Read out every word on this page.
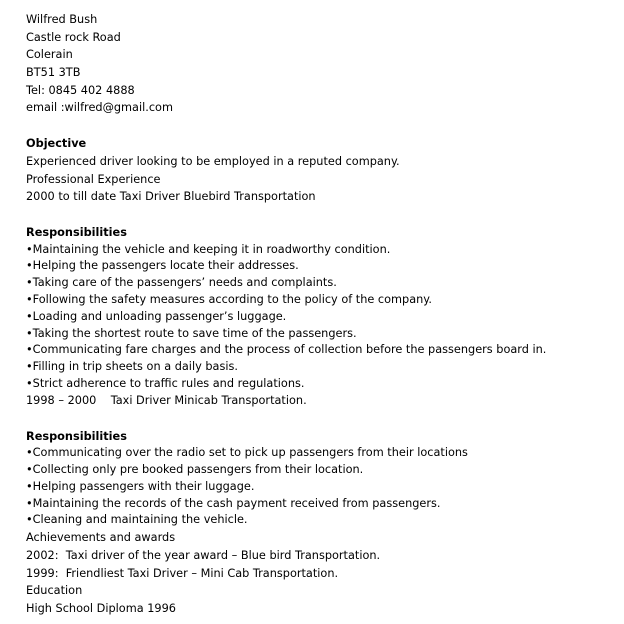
Wilfred Bush
Castle rock Road
Colerain
BT51 3TB
Tel: 0845 402 4888
email :wilfred@gmail.com
Objective
Experienced driver looking to be employed in a reputed company.
Professional Experience
2000 to till date Taxi Driver Bluebird Transportation
Responsibilities
•Maintaining the vehicle and keeping it in roadworthy condition.
•Helping the passengers locate their addresses.
•Taking care of the passengers’ needs and complaints.
•Following the safety measures according to the policy of the company.
•Loading and unloading passenger’s luggage.
•Taking the shortest route to save time of the passengers.
•Communicating fare charges and the process of collection before the passengers board in.
•Filling in trip sheets on a daily basis.
•Strict adherence to traffic rules and regulations.
1998 – 2000    Taxi Driver Minicab Transportation.
Responsibilities
•Communicating over the radio set to pick up passengers from their locations
•Collecting only pre booked passengers from their location.
•Helping passengers with their luggage.
•Maintaining the records of the cash payment received from passengers.
•Cleaning and maintaining the vehicle.
Achievements and awards
2002:  Taxi driver of the year award – Blue bird Transportation.
1999:  Friendliest Taxi Driver – Mini Cab Transportation.
Education
High School Diploma 1996
